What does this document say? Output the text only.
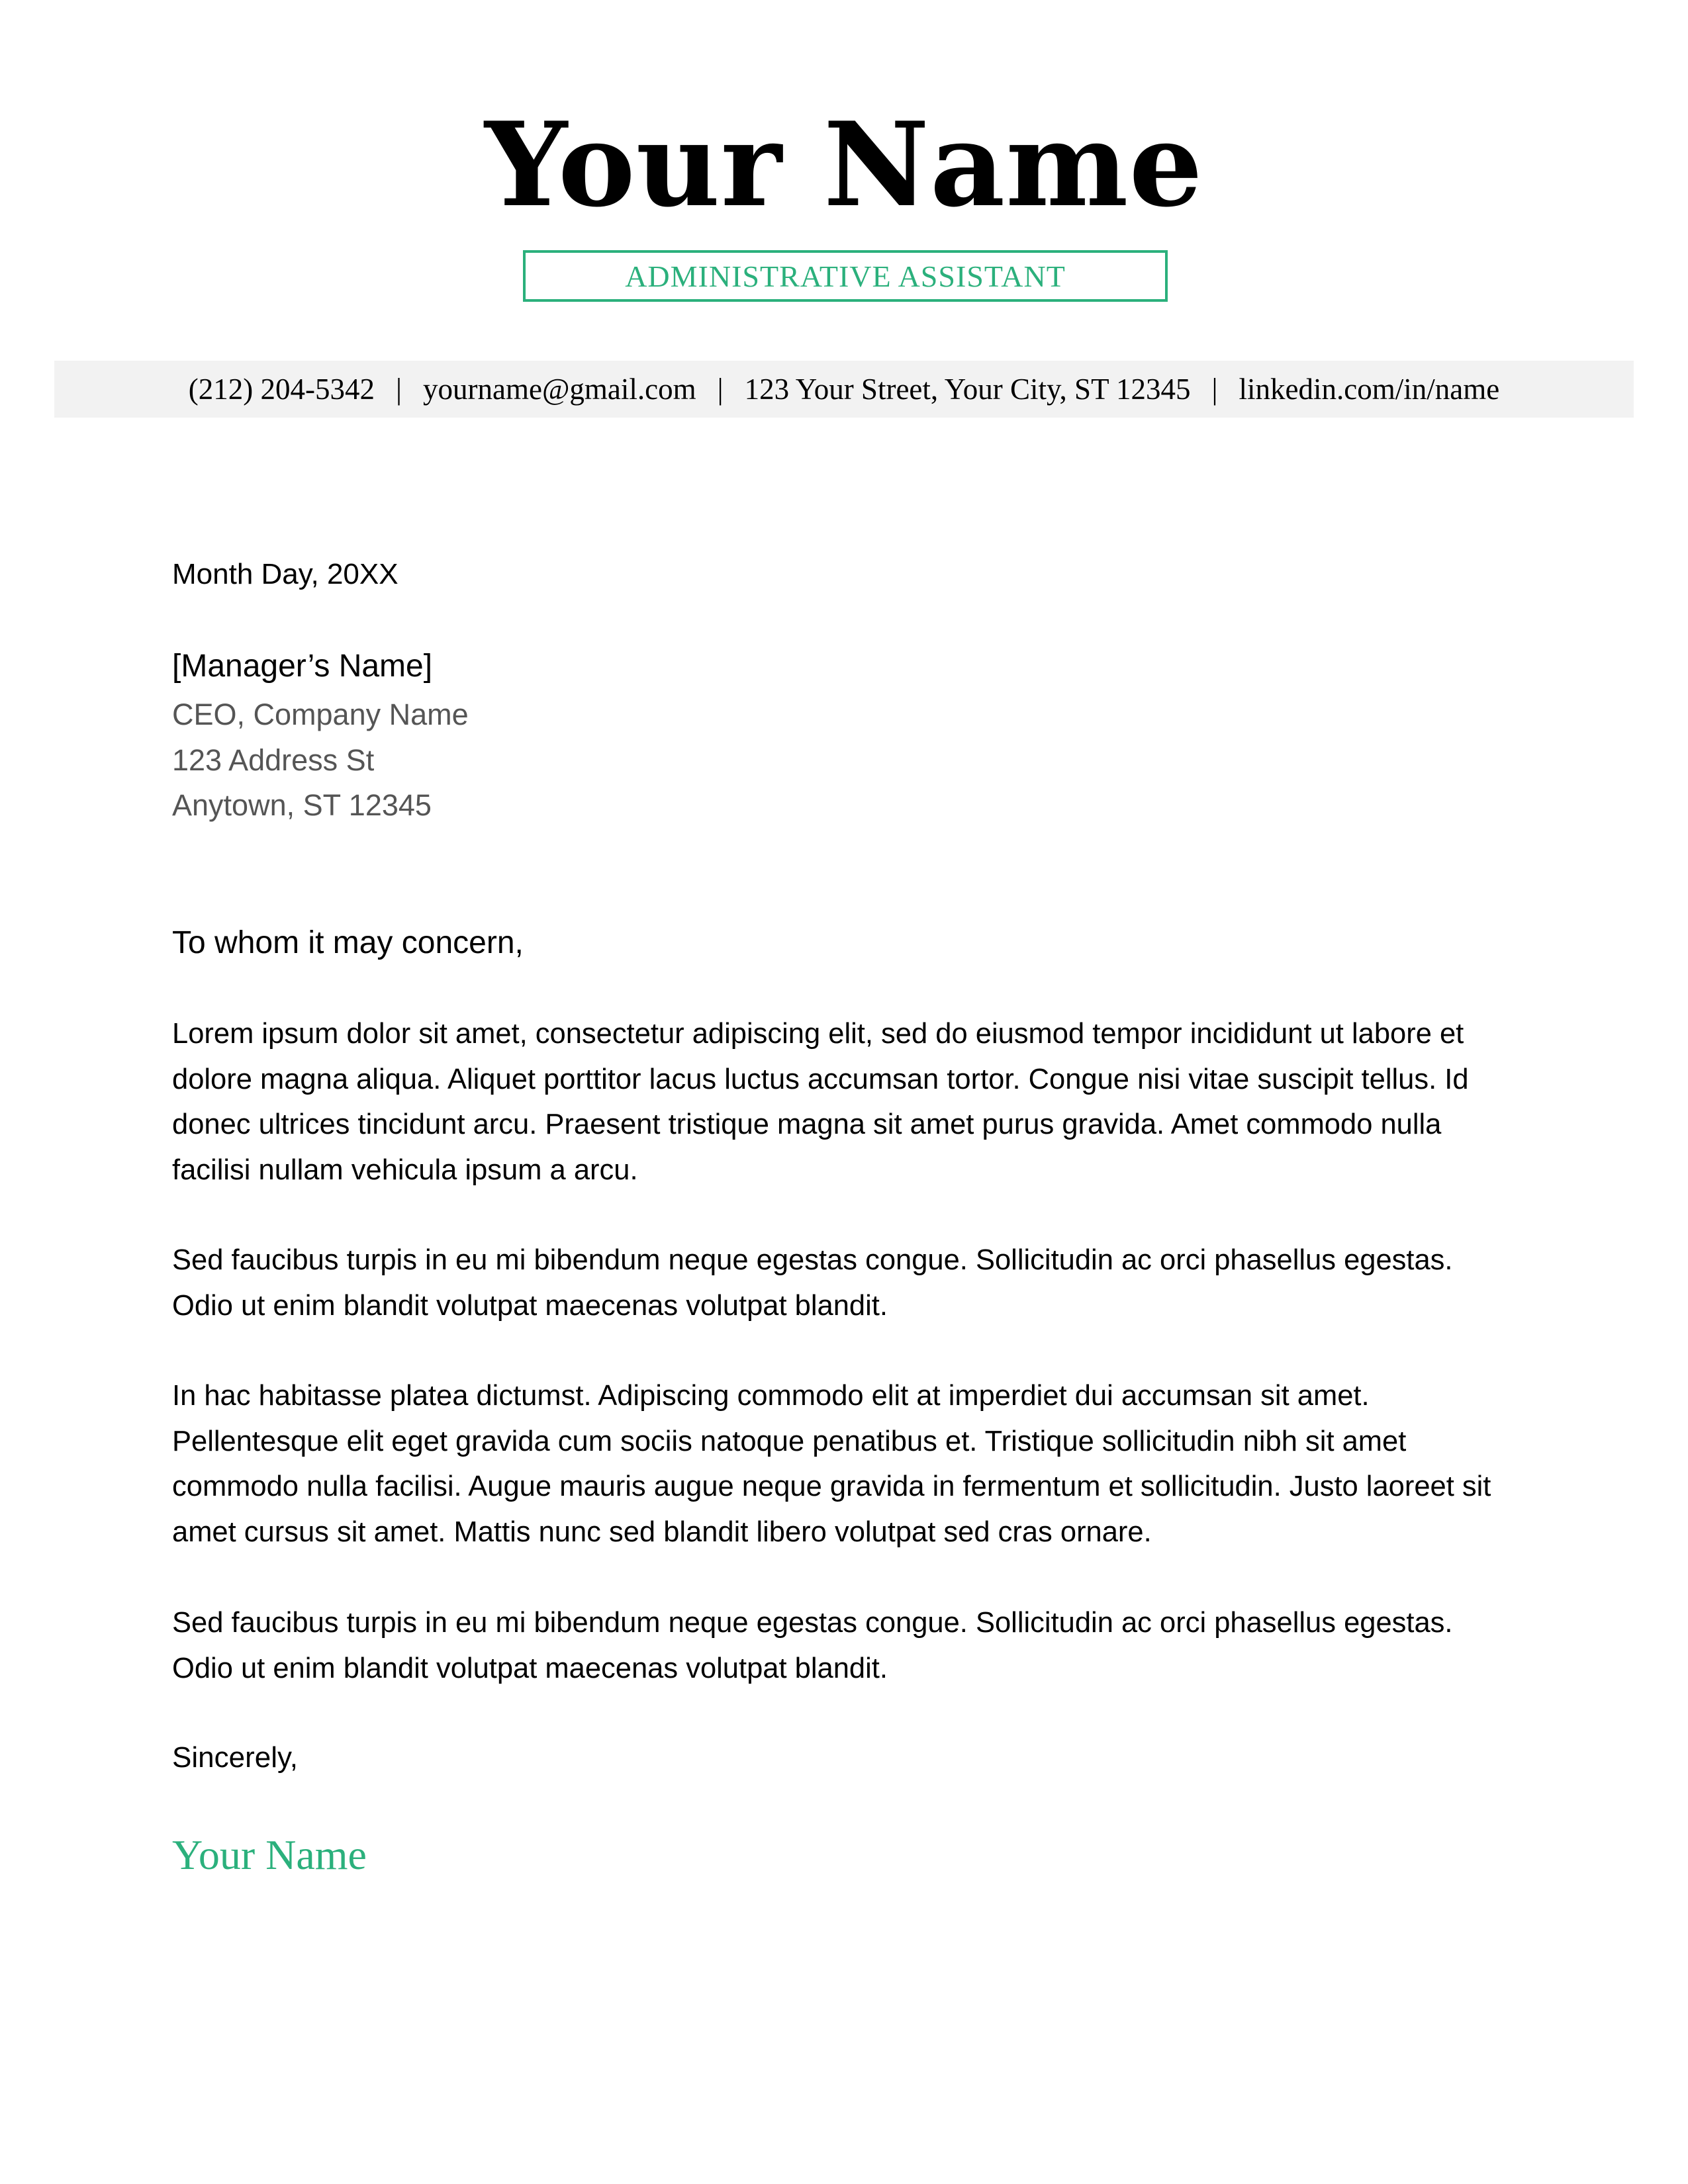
Your Name
ADMINISTRATIVE ASSISTANT
(212) 204-5342 | yourname@gmail.com | 123 Your Street, Your City, ST 12345 | linkedin.com/in/name
Month Day, 20XX
[Manager’s Name]
CEO, Company Name
123 Address St
Anytown, ST 12345
To whom it may concern,
Lorem ipsum dolor sit amet, consectetur adipiscing elit, sed do eiusmod tempor incididunt ut labore et dolore magna aliqua. Aliquet porttitor lacus luctus accumsan tortor. Congue nisi vitae suscipit tellus. Id donec ultrices tincidunt arcu. Praesent tristique magna sit amet purus gravida. Amet commodo nulla facilisi nullam vehicula ipsum a arcu.
Sed faucibus turpis in eu mi bibendum neque egestas congue. Sollicitudin ac orci phasellus egestas. Odio ut enim blandit volutpat maecenas volutpat blandit.
In hac habitasse platea dictumst. Adipiscing commodo elit at imperdiet dui accumsan sit amet. Pellentesque elit eget gravida cum sociis natoque penatibus et. Tristique sollicitudin nibh sit amet commodo nulla facilisi. Augue mauris augue neque gravida in fermentum et sollicitudin. Justo laoreet sit amet cursus sit amet. Mattis nunc sed blandit libero volutpat sed cras ornare.
Sed faucibus turpis in eu mi bibendum neque egestas congue. Sollicitudin ac orci phasellus egestas. Odio ut enim blandit volutpat maecenas volutpat blandit.
Sincerely,
Your Name
